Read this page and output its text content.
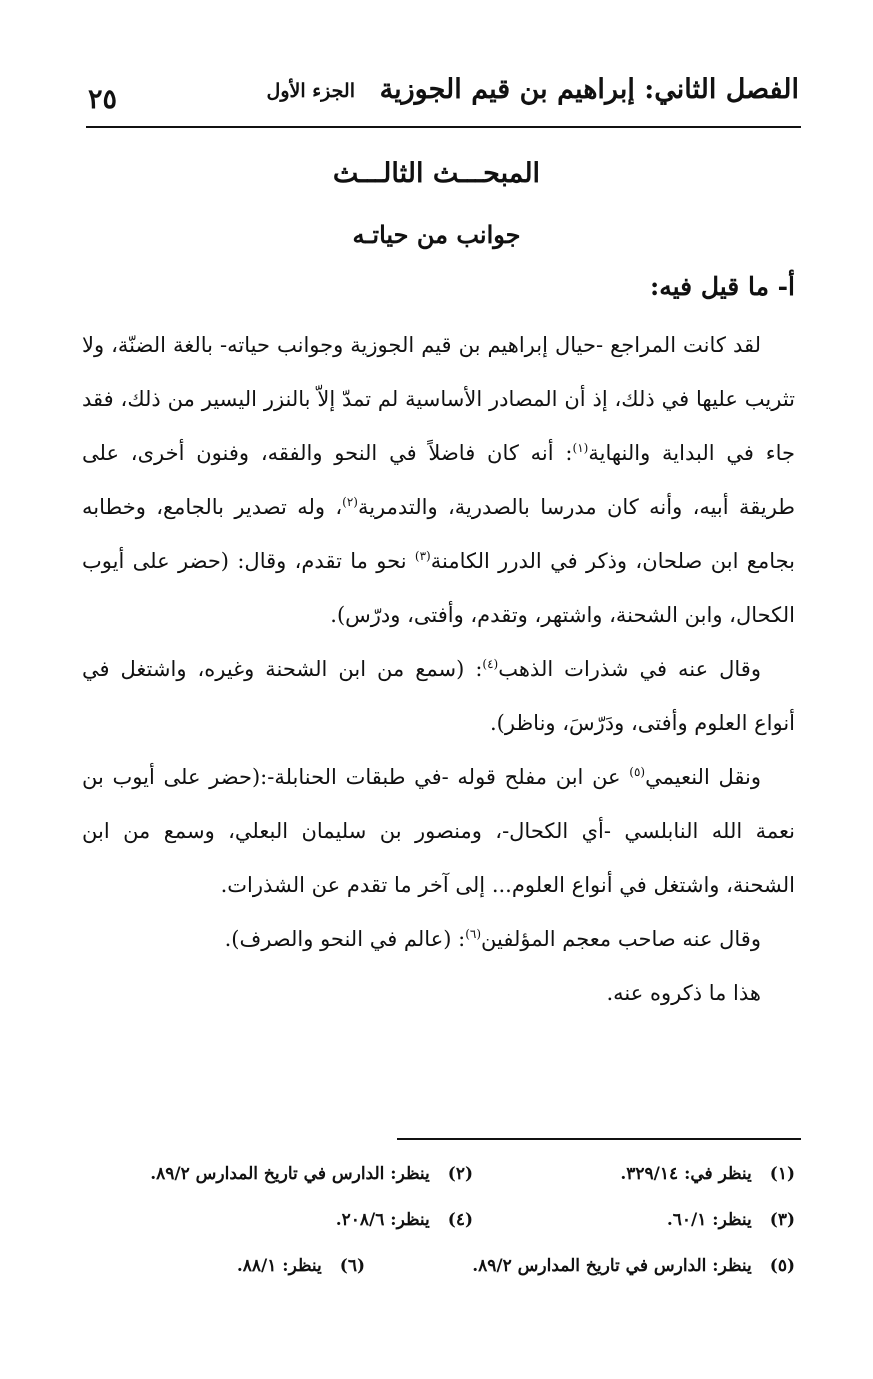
الفصل الثاني: إبراهيم بن قيم الجوزية
الجزء الأول
٢٥
المبحـــث الثالـــث
جوانب من حياتـه
أ- ما قيل فيه:

لقد كانت المراجع -حيال إبراهيم بن قيم الجوزية وجوانب حياته- بالغة الضنّة، ولا تثريب عليها في ذلك، إذ أن المصادر الأساسية لم تمدّ إلاّ بالنزر اليسير من ذلك، فقد جاء في البداية والنهاية$^{(١)}$: أنه كان فاضلاً في النحو والفقه، وفنون أخرى، على طريقة أبيه، وأنه كان مدرسا بالصدرية، والتدمرية$^{(٢)}$، وله تصدير بالجامع، وخطابه بجامع ابن صلحان، وذكر في الدرر الكامنة$^{(٣)}$ نحو ما تقدم، وقال: (حضر على أيوب الكحال، وابن الشحنة، واشتهر، وتقدم، وأفتى، ودرّس).

وقال عنه في شذرات الذهب$^{(٤)}$: (سمع من ابن الشحنة وغيره، واشتغل في أنواع العلوم وأفتى، ودَرّسَ، وناظر).

ونقل النعيمي$^{(٥)}$ عن ابن مفلح قوله -في طبقات الحنابلة-:(حضر على أيوب بن نعمة الله النابلسي -أي الكحال-، ومنصور بن سليمان البعلي، وسمع من ابن الشحنة، واشتغل في أنواع العلوم... إلى آخر ما تقدم عن الشذرات.

وقال عنه صاحب معجم المؤلفين$^{(٦)}$: (عالم في النحو والصرف).

هذا ما ذكروه عنه.

(١)ينظر في: ٣٢٩/١٤.
(٢)ينظر: الدارس في تاريخ المدارس ٨٩/٢.
(٣)ينظر: ٦٠/١.
(٤)ينظر: ٢٠٨/٦.
(٥)ينظر: الدارس في تاريخ المدارس ٨٩/٢.
(٦)ينظر: ٨٨/١.
